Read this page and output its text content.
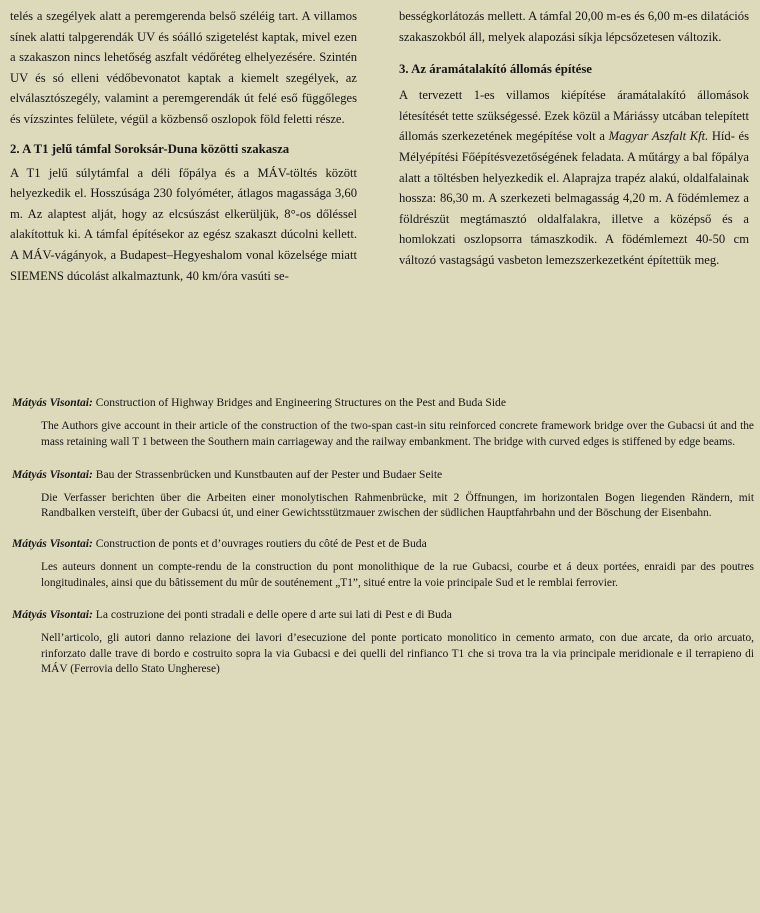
telés a szegélyek alatt a peremgerenda belső széléig tart. A villamos sínek alatti talpgerendák UV és sóálló szigetelést kaptak, mivel ezen a szakaszon nincs lehetőség aszfalt védőréteg elhelyezésére. Szintén UV és só elleni védőbevonatot kaptak a kiemelt szegélyek, az elválasztószegély, valamint a peremgerendák út felé eső függőleges és vízszintes felülete, végül a közbenső oszlopok föld feletti része.

2. A T1 jelű támfal Soroksár-Duna közötti szakasza

A T1 jelű súlytámfal a déli főpálya és a MÁV-töltés között helyezkedik el. Hosszúsága 230 folyóméter, átlagos magassága 3,60 m. Az alaptest alját, hogy az elcsúszást elkerüljük, 8°-os dőléssel alakítottuk ki. A támfal építésekor az egész szakaszt dúcolni kellett. A MÁV-vágányok, a Budapest–Hegyeshalom vonal közelsége miatt SIEMENS dúcolást alkalmaztunk, 40 km/óra vasúti se-

bességkorlátozás mellett. A támfal 20,00 m-es és 6,00 m-es dilatációs szakaszokból áll, melyek alapozási síkja lépcsőzetesen változik.

3. Az áramátalakító állomás építése

A tervezett 1-es villamos kiépítése áramátalakító állomások létesítését tette szükségessé. Ezek közül a Máriássy utcában telepített állomás szerkezetének megépítése volt a Magyar Aszfalt Kft. Híd- és Mélyépítési Főépítésvezetőségének feladata. A műtárgy a bal főpálya alatt a töltésben helyezkedik el. Alaprajza trapéz alakú, oldalfalainak hossza: 86,30 m. A szerkezeti belmagasság 4,20 m. A födémlemez a földrészüt megtámasztó oldalfalakra, illetve a középső és a homlokzati oszlopsorra támaszkodik. A födémlemezt 40-50 cm változó vastagságú vasbeton lemezszerkezetként építettük meg.

Mátyás Visontai: Construction of Highway Bridges and Engineering Structures on the Pest and Buda Side

The Authors give account in their article of the construction of the two-span cast-in situ reinforced concrete framework bridge over the Gubacsi út and the mass retaining wall T 1 between the Southern main carriageway and the railway embankment. The bridge with curved edges is stiffened by edge beams.

Mátyás Visontai: Bau der Strassenbrücken und Kunstbauten auf der Pester und Budaer Seite

Die Verfasser berichten über die Arbeiten einer monolytischen Rahmenbrücke, mit 2 Öffnungen, im horizontalen Bogen liegenden Rändern, mit Randbalken versteift, über der Gubacsi út, und einer Gewichtsstützmauer zwischen der südlichen Hauptfahrbahn und der Böschung der Eisenbahn.

Mátyás Visontai: Construction de ponts et d’ouvrages routiers du côté de Pest et de Buda

Les auteurs donnent un compte-rendu de la construction du pont monolithique de la rue Gubacsi, courbe et á deux portées, enraidi par des poutres longitudinales, ainsi que du bâtissement du mûr de souténement „T1”, situé entre la voie principale Sud et le remblai ferrovier.

Mátyás Visontai: La costruzione dei ponti stradali e delle opere d arte sui lati di Pest e di Buda

Nell’articolo, gli autori danno relazione dei lavori d’esecuzione del ponte porticato monolitico in cemento armato, con due arcate, da orio arcuato, rinforzato dalle trave di bordo e costruito sopra la via Gubacsi e dei quelli del rinfianco T1 che si trova tra la via principale meridionale e il terrapieno di MÁV (Ferrovia dello Stato Ungherese)
